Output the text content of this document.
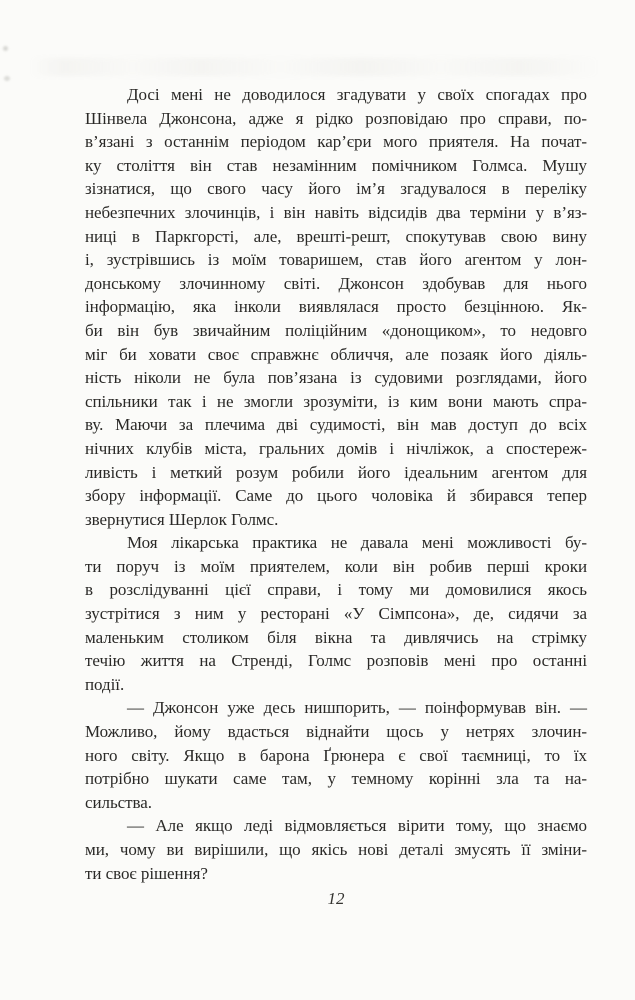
Досі мені не доводилося згадувати у своїх спогадах про
Шінвела Джонсона, адже я рідко розповідаю про справи, по-
в’язані з останнім періодом кар’єри мого приятеля. На почат-
ку століття він став незамінним помічником Голмса. Мушу
зізнатися, що свого часу його ім’я згадувалося в переліку
небезпечних злочинців, і він навіть відсидів два терміни у в’яз-
ниці в Паркгорсті, але, врешті-решт, спокутував свою вину
і, зустрівшись із моїм товаришем, став його агентом у лон-
донському злочинному світі. Джонсон здобував для нього
інформацію, яка інколи виявлялася просто безцінною. Як-
би він був звичайним поліційним «донощиком», то недовго
міг би ховати своє справжнє обличчя, але позаяк його діяль-
ність ніколи не була пов’язана із судовими розглядами, його
спільники так і не змогли зрозуміти, із ким вони мають спра-
ву. Маючи за плечима дві судимості, він мав доступ до всіх
нічних клубів міста, гральних домів і нічліжок, а спостереж-
ливість і меткий розум робили його ідеальним агентом для
збору інформації. Саме до цього чоловіка й збирався тепер
звернутися Шерлок Голмс.
Моя лікарська практика не давала мені можливості бу-
ти поруч із моїм приятелем, коли він робив перші кроки
в розслідуванні цієї справи, і тому ми домовилися якось
зустрітися з ним у ресторані «У Сімпсона», де, сидячи за
маленьким столиком біля вікна та дивлячись на стрімку
течію життя на Стренді, Голмс розповів мені про останні
події.
— Джонсон уже десь нишпорить, — поінформував він. —
Можливо, йому вдасться віднайти щось у нетрях злочин-
ного світу. Якщо в барона Ґрюнера є свої таємниці, то їх
потрібно шукати саме там, у темному корінні зла та на-
сильства.
— Але якщо леді відмовляється вірити тому, що знаємо
ми, чому ви вирішили, що якісь нові деталі змусять її зміни-
ти своє рішення?
12
